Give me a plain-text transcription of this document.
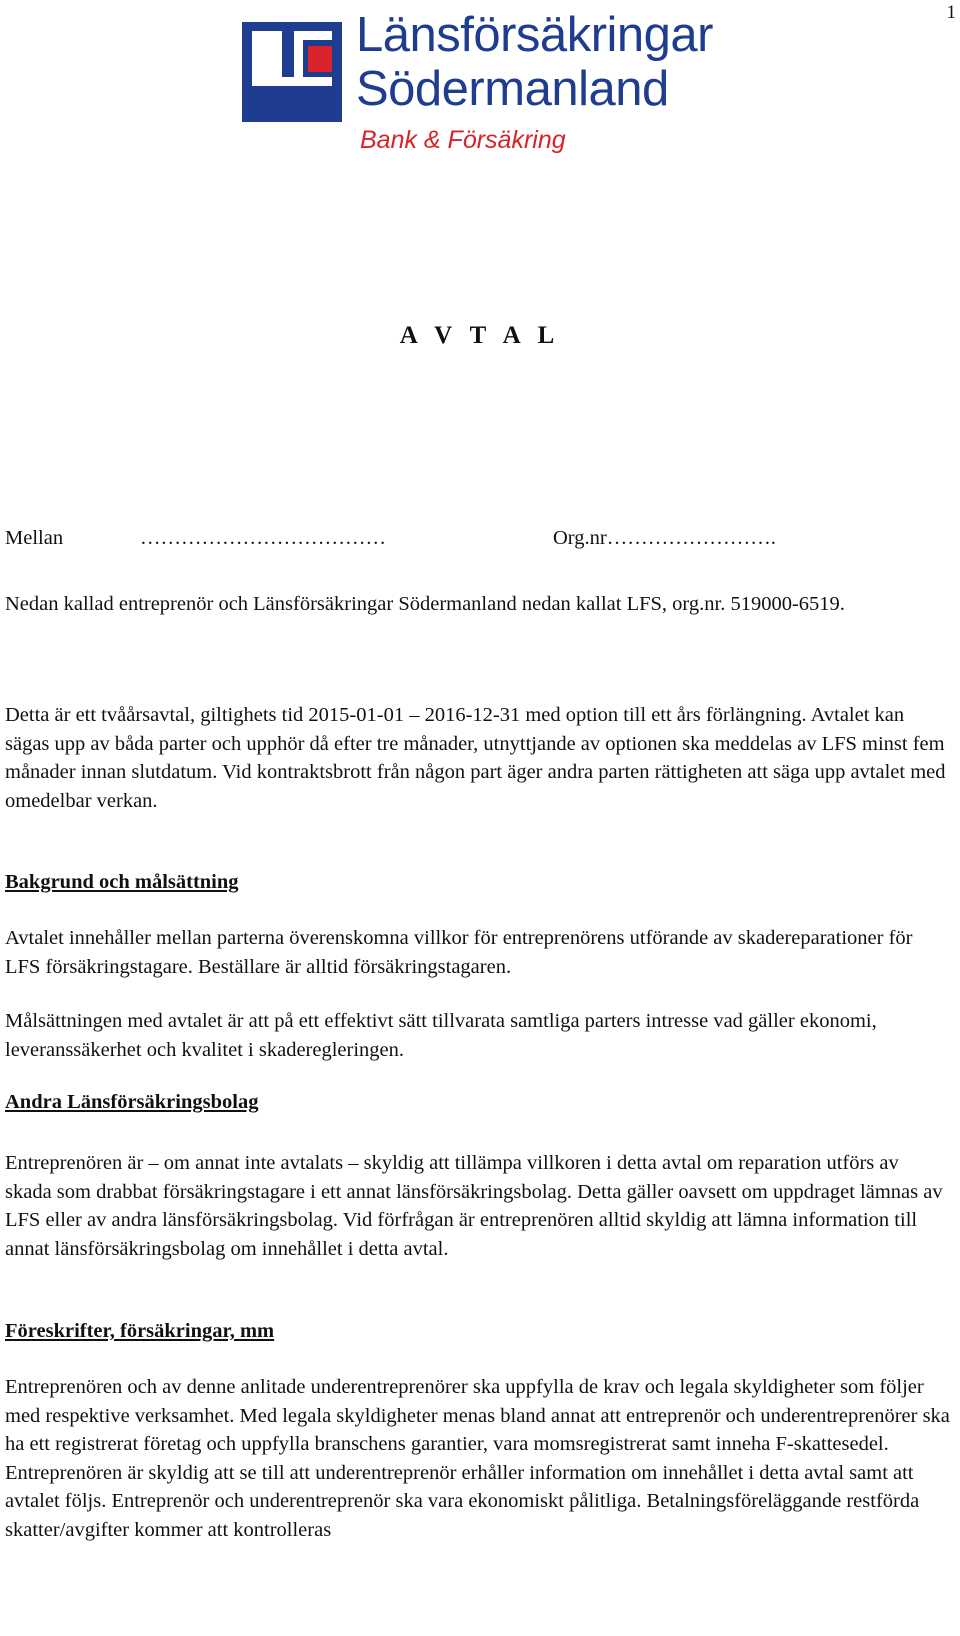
1
Länsförsäkringar
Södermanland
Bank & Försäkring
A V T A L
Mellan	………………………………	Org.nr…………………….

Nedan kallad entreprenör och Länsförsäkringar Södermanland nedan kallat LFS, org.nr. 519000-6519.

Detta är ett tvåårsavtal, giltighets tid 2015-01-01 – 2016-12-31 med option till ett års förlängning. Avtalet kan sägas upp av båda parter och upphör då efter tre månader, utnyttjande av optionen ska meddelas av LFS minst fem månader innan slutdatum. Vid kontraktsbrott från någon part äger andra parten rättigheten att säga upp avtalet med omedelbar verkan.

Bakgrund och målsättning

Avtalet innehåller mellan parterna överenskomna villkor för entreprenörens utförande av skadereparationer för LFS försäkringstagare. Beställare är alltid försäkringstagaren.

Målsättningen med avtalet är att på ett effektivt sätt tillvarata samtliga parters intresse vad gäller ekonomi, leveranssäkerhet och kvalitet i skaderegleringen.

Andra Länsförsäkringsbolag

Entreprenören är – om annat inte avtalats – skyldig att tillämpa villkoren i detta avtal om reparation utförs av skada som drabbat försäkringstagare i ett annat länsförsäkringsbolag. Detta gäller oavsett om uppdraget lämnas av LFS eller av andra länsförsäkringsbolag. Vid förfrågan är entreprenören alltid skyldig att lämna information till annat länsförsäkringsbolag om innehållet i detta avtal.

Föreskrifter, försäkringar, mm

Entreprenören och av denne anlitade underentreprenörer ska uppfylla de krav och legala skyldigheter som följer med respektive verksamhet. Med legala skyldigheter menas bland annat att entreprenör och underentreprenörer ska ha ett registrerat företag och uppfylla branschens garantier, vara momsregistrerat samt inneha F-skattesedel. Entreprenören är skyldig att se till att underentreprenör erhåller information om innehållet i detta avtal samt att avtalet följs. Entreprenör och underentreprenör ska vara ekonomiskt pålitliga. Betalningsföreläggande restförda skatter/avgifter kommer att kontrolleras
